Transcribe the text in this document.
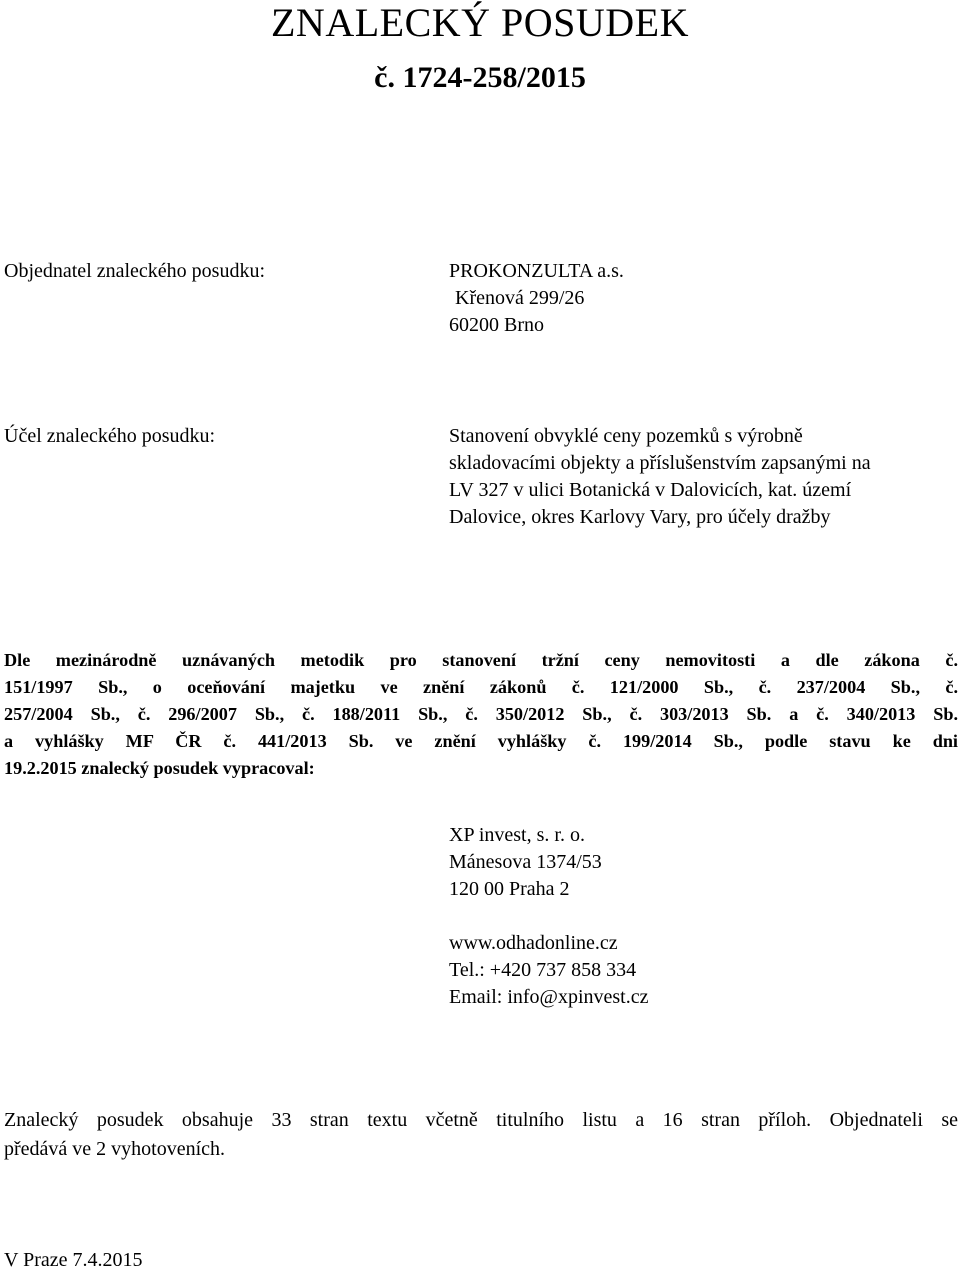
ZNALECKÝ POSUDEK
č. 1724-258/2015
Objednatel znaleckého posudku:	PROKONZULTA a.s.
Křenová 299/26
60200 Brno
Účel znaleckého posudku:	Stanovení obvyklé ceny pozemků s výrobně
skladovacími objekty a příslušenstvím zapsanými na
LV 327 v ulici Botanická v Dalovicích, kat. území
Dalovice, okres Karlovy Vary, pro účely dražby
Dle mezinárodně uznávaných metodik pro stanovení tržní ceny nemovitosti a dle zákona č.
151/1997 Sb., o oceňování majetku ve znění zákonů č. 121/2000 Sb., č. 237/2004 Sb., č.
257/2004 Sb., č. 296/2007 Sb., č. 188/2011 Sb., č. 350/2012 Sb., č. 303/2013 Sb. a č. 340/2013 Sb.
a vyhlášky MF ČR č. 441/2013 Sb. ve znění vyhlášky č. 199/2014 Sb., podle stavu ke dni
19.2.2015 znalecký posudek vypracoval:
XP invest, s. r. o.
Mánesova 1374/53
120 00 Praha 2
www.odhadonline.cz
Tel.: +420 737 858 334
Email: info@xpinvest.cz
Znalecký posudek obsahuje 33 stran textu včetně titulního listu a 16 stran příloh. Objednateli se
předává ve 2 vyhotoveních.
V Praze 7.4.2015
